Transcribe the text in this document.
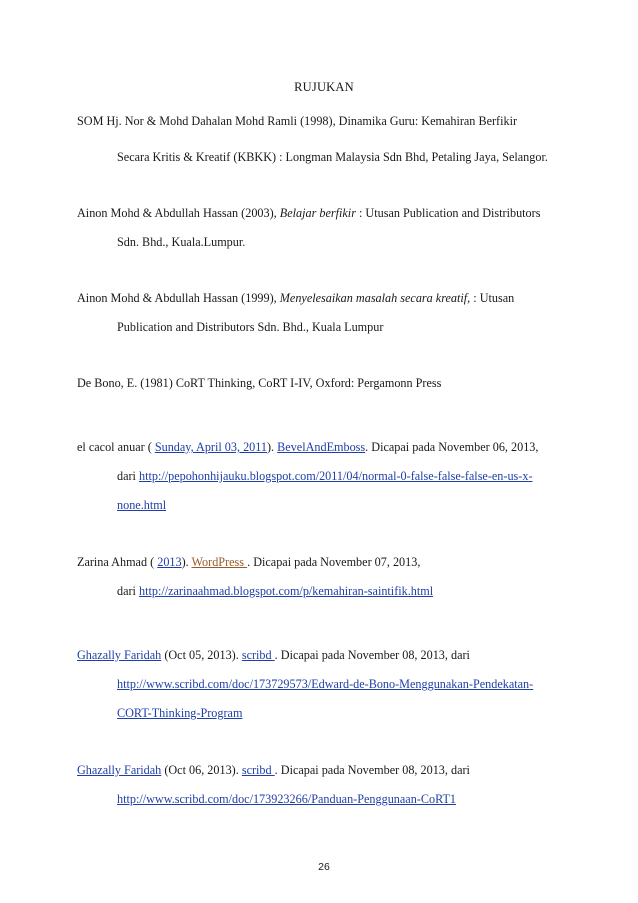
RUJUKAN
SOM Hj. Nor & Mohd Dahalan Mohd Ramli (1998), Dinamika Guru: Kemahiran Berfikir
Secara Kritis & Kreatif (KBKK) : Longman Malaysia Sdn Bhd, Petaling Jaya, Selangor.
Ainon Mohd & Abdullah Hassan (2003), Belajar berfikir : Utusan Publication and Distributors
Sdn. Bhd., Kuala.Lumpur.
Ainon Mohd & Abdullah Hassan (1999), Menyelesaikan masalah secara kreatif, : Utusan
Publication and Distributors Sdn. Bhd., Kuala Lumpur
De Bono, E. (1981) CoRT Thinking, CoRT I-IV, Oxford: Pergamonn Press
el cacol anuar ( Sunday, April 03, 2011). BevelAndEmboss. Dicapai pada November 06, 2013,
dari http://pepohonhijauku.blogspot.com/2011/04/normal-0-false-false-false-en-us-x-
none.html
Zarina Ahmad ( 2013). WordPress . Dicapai pada November 07, 2013,
dari http://zarinaahmad.blogspot.com/p/kemahiran-saintifik.html
Ghazally Faridah (Oct 05, 2013). scribd . Dicapai pada November 08, 2013, dari
http://www.scribd.com/doc/173729573/Edward-de-Bono-Menggunakan-Pendekatan-
CORT-Thinking-Program
Ghazally Faridah (Oct 06, 2013). scribd . Dicapai pada November 08, 2013, dari
http://www.scribd.com/doc/173923266/Panduan-Penggunaan-CoRT1
26
